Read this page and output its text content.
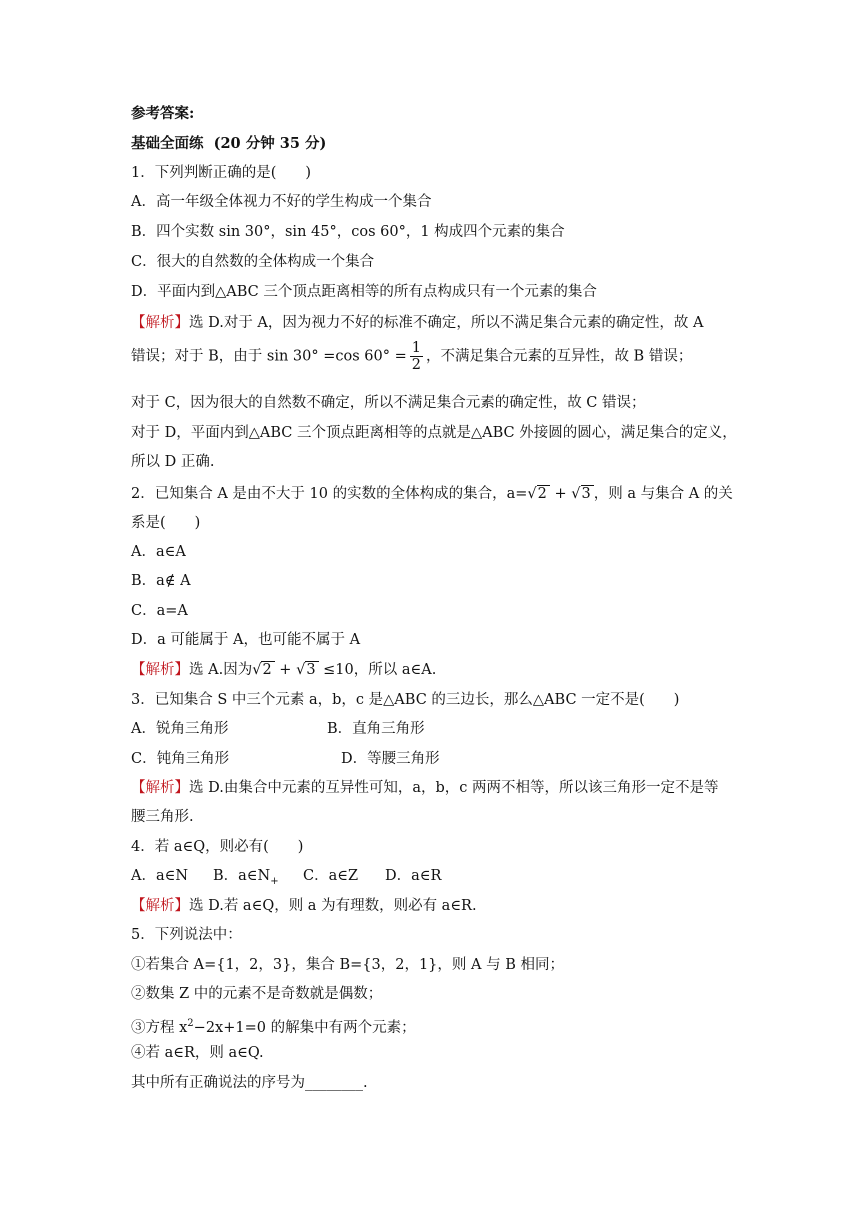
参考答案:
基础全面练 (20 分钟 35 分)
1．下列判断正确的是(　　)
A．高一年级全体视力不好的学生构成一个集合
B．四个实数 sin 30°，sin 45°，cos 60°，1 构成四个元素的集合
C．很大的自然数的全体构成一个集合
D．平面内到△ABC 三个顶点距离相等的所有点构成只有一个元素的集合
【解析】选 D.对于 A，因为视力不好的标准不确定，所以不满足集合元素的确定性，故 A
错误；对于 B，由于 sin 30° =cos $60^\circ = \frac{1}{2}$ ，不满足集合元素的互异性，故 B 错误；
对于 C，因为很大的自然数不确定，所以不满足集合元素的确定性，故 C 错误；
对于 D，平面内到△ABC 三个顶点距离相等的点就是△ABC 外接圆的圆心，满足集合的定义，
所以 D 正确.
2．已知集合 A 是由不大于 10 的实数的全体构成的集合，a=√2 + √3 ，则 a 与集合 A 的关
系是(　　)
A．a∈A
B．a∉ A
C．a=A
D．a 可能属于 A，也可能不属于 A
【解析】选 A.因为√2 + √3 ≤10，所以 a∈A.
3．已知集合 S 中三个元素 a，b，c 是△ABC 的三边长，那么△ABC 一定不是(　　)
A．锐角三角形	B．直角三角形
C．钝角三角形	D．等腰三角形
【解析】选 D.由集合中元素的互异性可知，a，b，c 两两不相等，所以该三角形一定不是等
腰三角形.
4．若 a∈Q，则必有(　　)
A．a∈N B．$a\in N_+$ C．a∈Z D．a∈R
【解析】选 D.若 a∈Q，则 a 为有理数，则必有 a∈R.
5．下列说法中：
①若集合 A={1，2，3}，集合 B={3，2，1}，则 A 与 B 相同；
②数集 Z 中的元素不是奇数就是偶数；
③方程 $x^2-2x+1=0$ 的解集中有两个元素；
④若 a∈R，则 a∈Q.
其中所有正确说法的序号为________.
